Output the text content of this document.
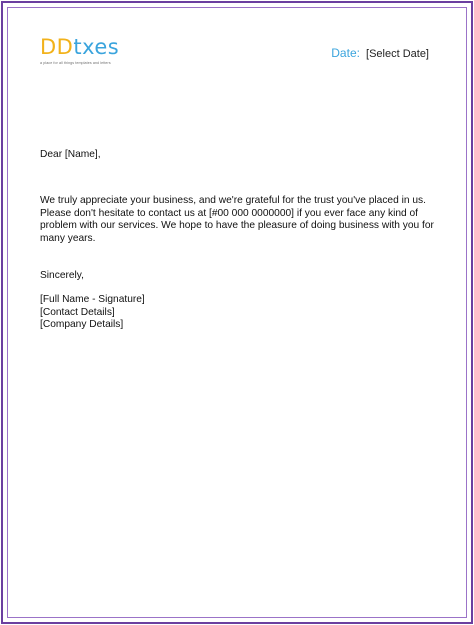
DDtxes
a place for all things templates and letters
Date: [Select Date]
Dear [Name],
We truly appreciate your business, and we're grateful for the trust you've placed in us. Please don't hesitate to contact us at [#00 000 0000000] if you ever face any kind of problem with our services. We hope to have the pleasure of doing business with you for many years.
Sincerely,
[Full Name - Signature]
[Contact Details]
[Company Details]
